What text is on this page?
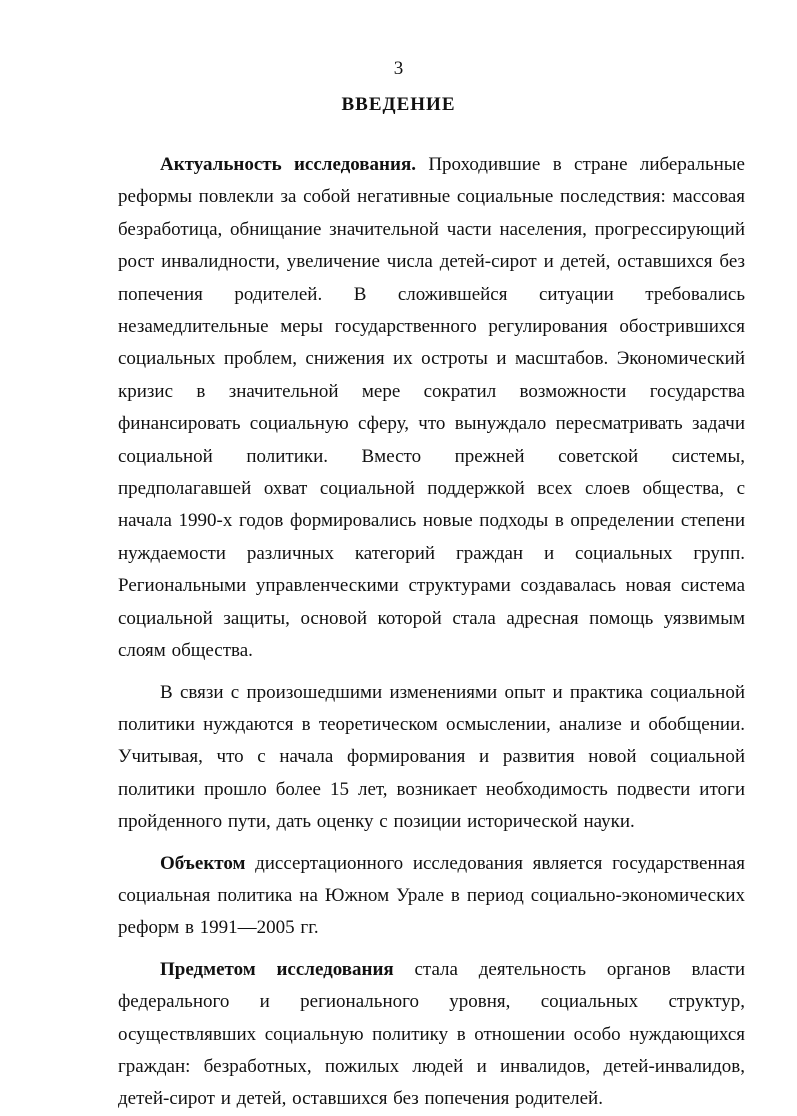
3
ВВЕДЕНИЕ

Актуальность исследования. Проходившие в стране либеральные реформы повлекли за собой негативные социальные последствия: массовая безработица, обнищание значительной части населения, прогрессирующий рост инвалидности, увеличение числа детей-сирот и детей, оставшихся без попечения родителей. В сложившейся ситуации требовались незамедлительные меры государственного регулирования обострившихся социальных проблем, снижения их остроты и масштабов. Экономический кризис в значительной мере сократил возможности государства финансировать социальную сферу, что вынуждало пересматривать задачи социальной политики. Вместо прежней советской системы, предполагавшей охват социальной поддержкой всех слоев общества, с начала 1990-х годов формировались новые подходы в определении степени нуждаемости различных категорий граждан и социальных групп. Региональными управленческими структурами создавалась новая система социальной защиты, основой которой стала адресная помощь уязвимым слоям общества.

В связи с произошедшими изменениями опыт и практика социальной политики нуждаются в теоретическом осмыслении, анализе и обобщении. Учитывая, что с начала формирования и развития новой социальной политики прошло более 15 лет, возникает необходимость подвести итоги пройденного пути, дать оценку с позиции исторической науки.

Объектом диссертационного исследования является государственная социальная политика на Южном Урале в период социально-экономических реформ в 1991—2005 гг.

Предметом исследования стала деятельность органов власти федерального и регионального уровня, социальных структур, осуществлявших социальную политику в отношении особо нуждающихся граждан: безработных, пожилых людей и инвалидов, детей-инвалидов, детей-сирот и детей, оставшихся без попечения родителей.
